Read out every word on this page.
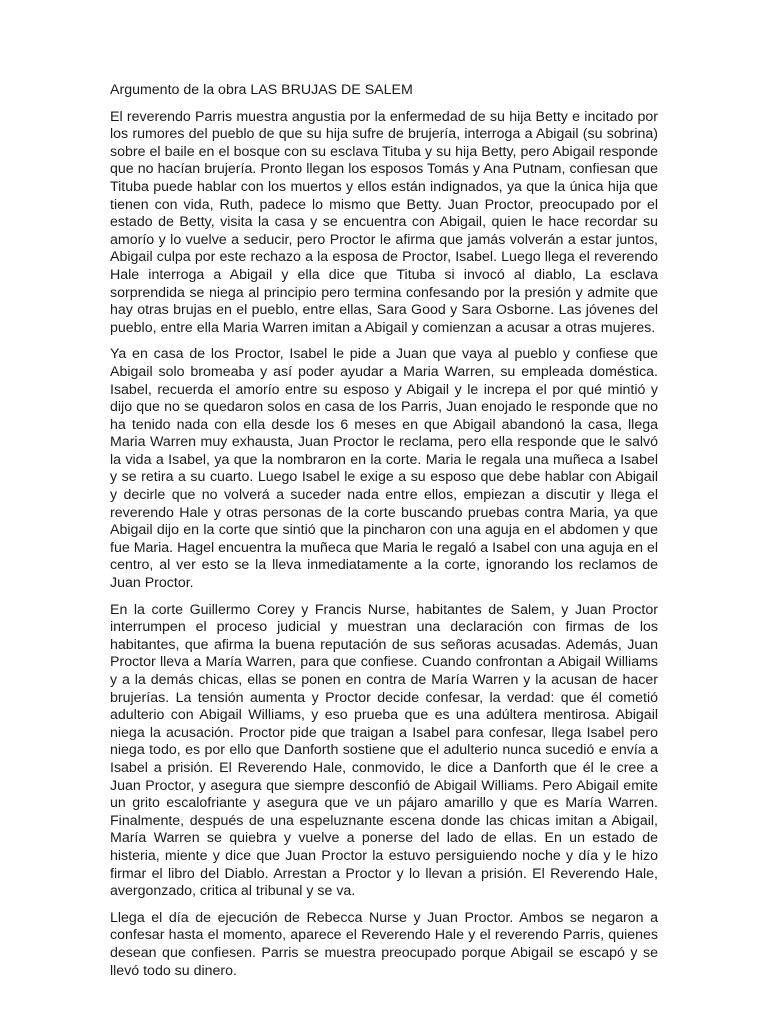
Argumento de la obra LAS BRUJAS DE SALEM

El reverendo Parris muestra angustia por la enfermedad de su hija Betty e incitado por los rumores del pueblo de que su hija sufre de brujería, interroga a Abigail (su sobrina) sobre el baile en el bosque con su esclava Tituba y su hija Betty, pero Abigail responde que no hacían brujería. Pronto llegan los esposos Tomás y Ana Putnam, confiesan que Tituba puede hablar con los muertos y ellos están indignados, ya que la única hija que tienen con vida, Ruth, padece lo mismo que Betty. Juan Proctor, preocupado por el estado de Betty, visita la casa y se encuentra con Abigail, quien le hace recordar su amorío y lo vuelve a seducir, pero Proctor le afirma que jamás volverán a estar juntos, Abigail culpa por este rechazo a la esposa de Proctor, Isabel. Luego llega el reverendo Hale interroga a Abigail y ella dice que Tituba si invocó al diablo, La esclava sorprendida se niega al principio pero termina confesando por la presión y admite que hay otras brujas en el pueblo, entre ellas, Sara Good y Sara Osborne. Las jóvenes del pueblo, entre ella Maria Warren imitan a Abigail y comienzan a acusar a otras mujeres.

Ya en casa de los Proctor, Isabel le pide a Juan que vaya al pueblo y confiese que Abigail solo bromeaba y así poder ayudar a Maria Warren, su empleada doméstica. Isabel, recuerda el amorío entre su esposo y Abigail y le increpa el por qué mintió y dijo que no se quedaron solos en casa de los Parris, Juan enojado le responde que no ha tenido nada con ella desde los 6 meses en que Abigail abandonó la casa, llega Maria Warren muy exhausta, Juan Proctor le reclama, pero ella responde que le salvó la vida a Isabel, ya que la nombraron en la corte. Maria le regala una muñeca a Isabel y se retira a su cuarto. Luego Isabel le exige a su esposo que debe hablar con Abigail y decirle que no volverá a suceder nada entre ellos, empiezan a discutir y llega el reverendo Hale y otras personas de la corte buscando pruebas contra Maria, ya que Abigail dijo en la corte que sintió que la pincharon con una aguja en el abdomen y que fue Maria. Hagel encuentra la muñeca que Maria le regaló a Isabel con una aguja en el centro, al ver esto se la lleva inmediatamente a la corte, ignorando los reclamos de Juan Proctor.

En la corte Guillermo Corey y Francis Nurse, habitantes de Salem, y Juan Proctor interrumpen el proceso judicial y muestran una declaración con firmas de los habitantes, que afirma la buena reputación de sus señoras acusadas. Además, Juan Proctor lleva a María Warren, para que confiese. Cuando confrontan a Abigail Williams y a la demás chicas, ellas se ponen en contra de María Warren y la acusan de hacer brujerías. La tensión aumenta y Proctor decide confesar, la verdad: que él cometió adulterio con Abigail Williams, y eso prueba que es una adúltera mentirosa. Abigail niega la acusación. Proctor pide que traigan a Isabel para confesar, llega Isabel pero niega todo, es por ello que Danforth sostiene que el adulterio nunca sucedió e envía a Isabel a prisión. El Reverendo Hale, conmovido, le dice a Danforth que él le cree a Juan Proctor, y asegura que siempre desconfió de Abigail Williams. Pero Abigail emite un grito escalofriante y asegura que ve un pájaro amarillo y que es María Warren. Finalmente, después de una espeluznante escena donde las chicas imitan a Abigail, María Warren se quiebra y vuelve a ponerse del lado de ellas. En un estado de histeria, miente y dice que Juan Proctor la estuvo persiguiendo noche y día y le hizo firmar el libro del Diablo. Arrestan a Proctor y lo llevan a prisión. El Reverendo Hale, avergonzado, critica al tribunal y se va.

Llega el día de ejecución de Rebecca Nurse y Juan Proctor. Ambos se negaron a confesar hasta el momento, aparece el Reverendo Hale y el reverendo Parris, quienes desean que confiesen. Parris se muestra preocupado porque Abigail se escapó y se llevó todo su dinero.
